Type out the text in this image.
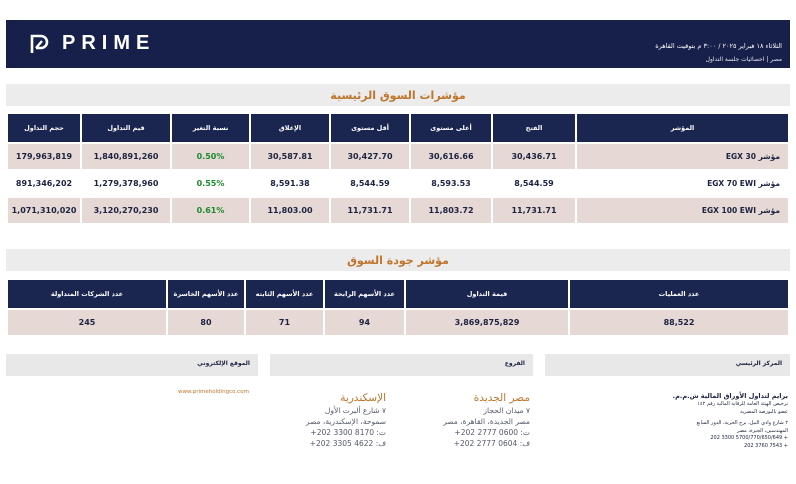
PRIME	الثلاثاء ١٨ فبراير ٢٠٢٥ / ٣:٠٠ م بتوقيت القاهرة
مصر | احصائيات جلسة التداول
مؤشرات السوق الرئيسية
حجم التداول	قيم التداول	نسبة التغير	الإغلاق	أقل مستوى	أعلى مستوى	الفتح	المؤشر
179,963,819	1,840,891,260	0.50%	30,587.81	30,427.70	30,616.66	30,436.71	مؤشر EGX 30
891,346,202	1,279,378,960	0.55%	8,591.38	8,544.59	8,593.53	8,544.59	مؤشر EGX 70 EWI
1,071,310,020	3,120,270,230	0.61%	11,803.00	11,731.71	11,803.72	11,731.71	مؤشر EGX 100 EWI
مؤشر جودة السوق
عدد الشركات المتداولة	عدد الأسهم الخاسرة	عدد الأسهم الثابته	عدد الأسهم الرابحة	قيمة التداول	عدد العمليات
245	80	71	94	3,869,875,829	88,522
الموقع الإلكتروني	الفروع	المركز الرئيسي
www.primeholdingco.com	الإسكندرية
٧ شارع ألبرت الأول
سموحة، الإسكندرية، مصر
ت: 8170 3300 202+
ف: 4622 3305 202+
مصر الجديدة
٧ ميدان الحجاز
مصر الجديدة، القاهرة، مصر
ت: 0600 2777 202+
ف: 0604 2777 202+
برايم لتداول الأوراق المالية ش.م.م.
ترخيص الهيئة العامة للرقابة المالية رقم ١٤٢
عضو بالبورصة المصرية
٢ شارع وادي النيل، برج الحرية، الدور السابع
المهندسين، الجيزة، مصر
202 3300 5700/770/650/649 +
202 3760 7543 +
